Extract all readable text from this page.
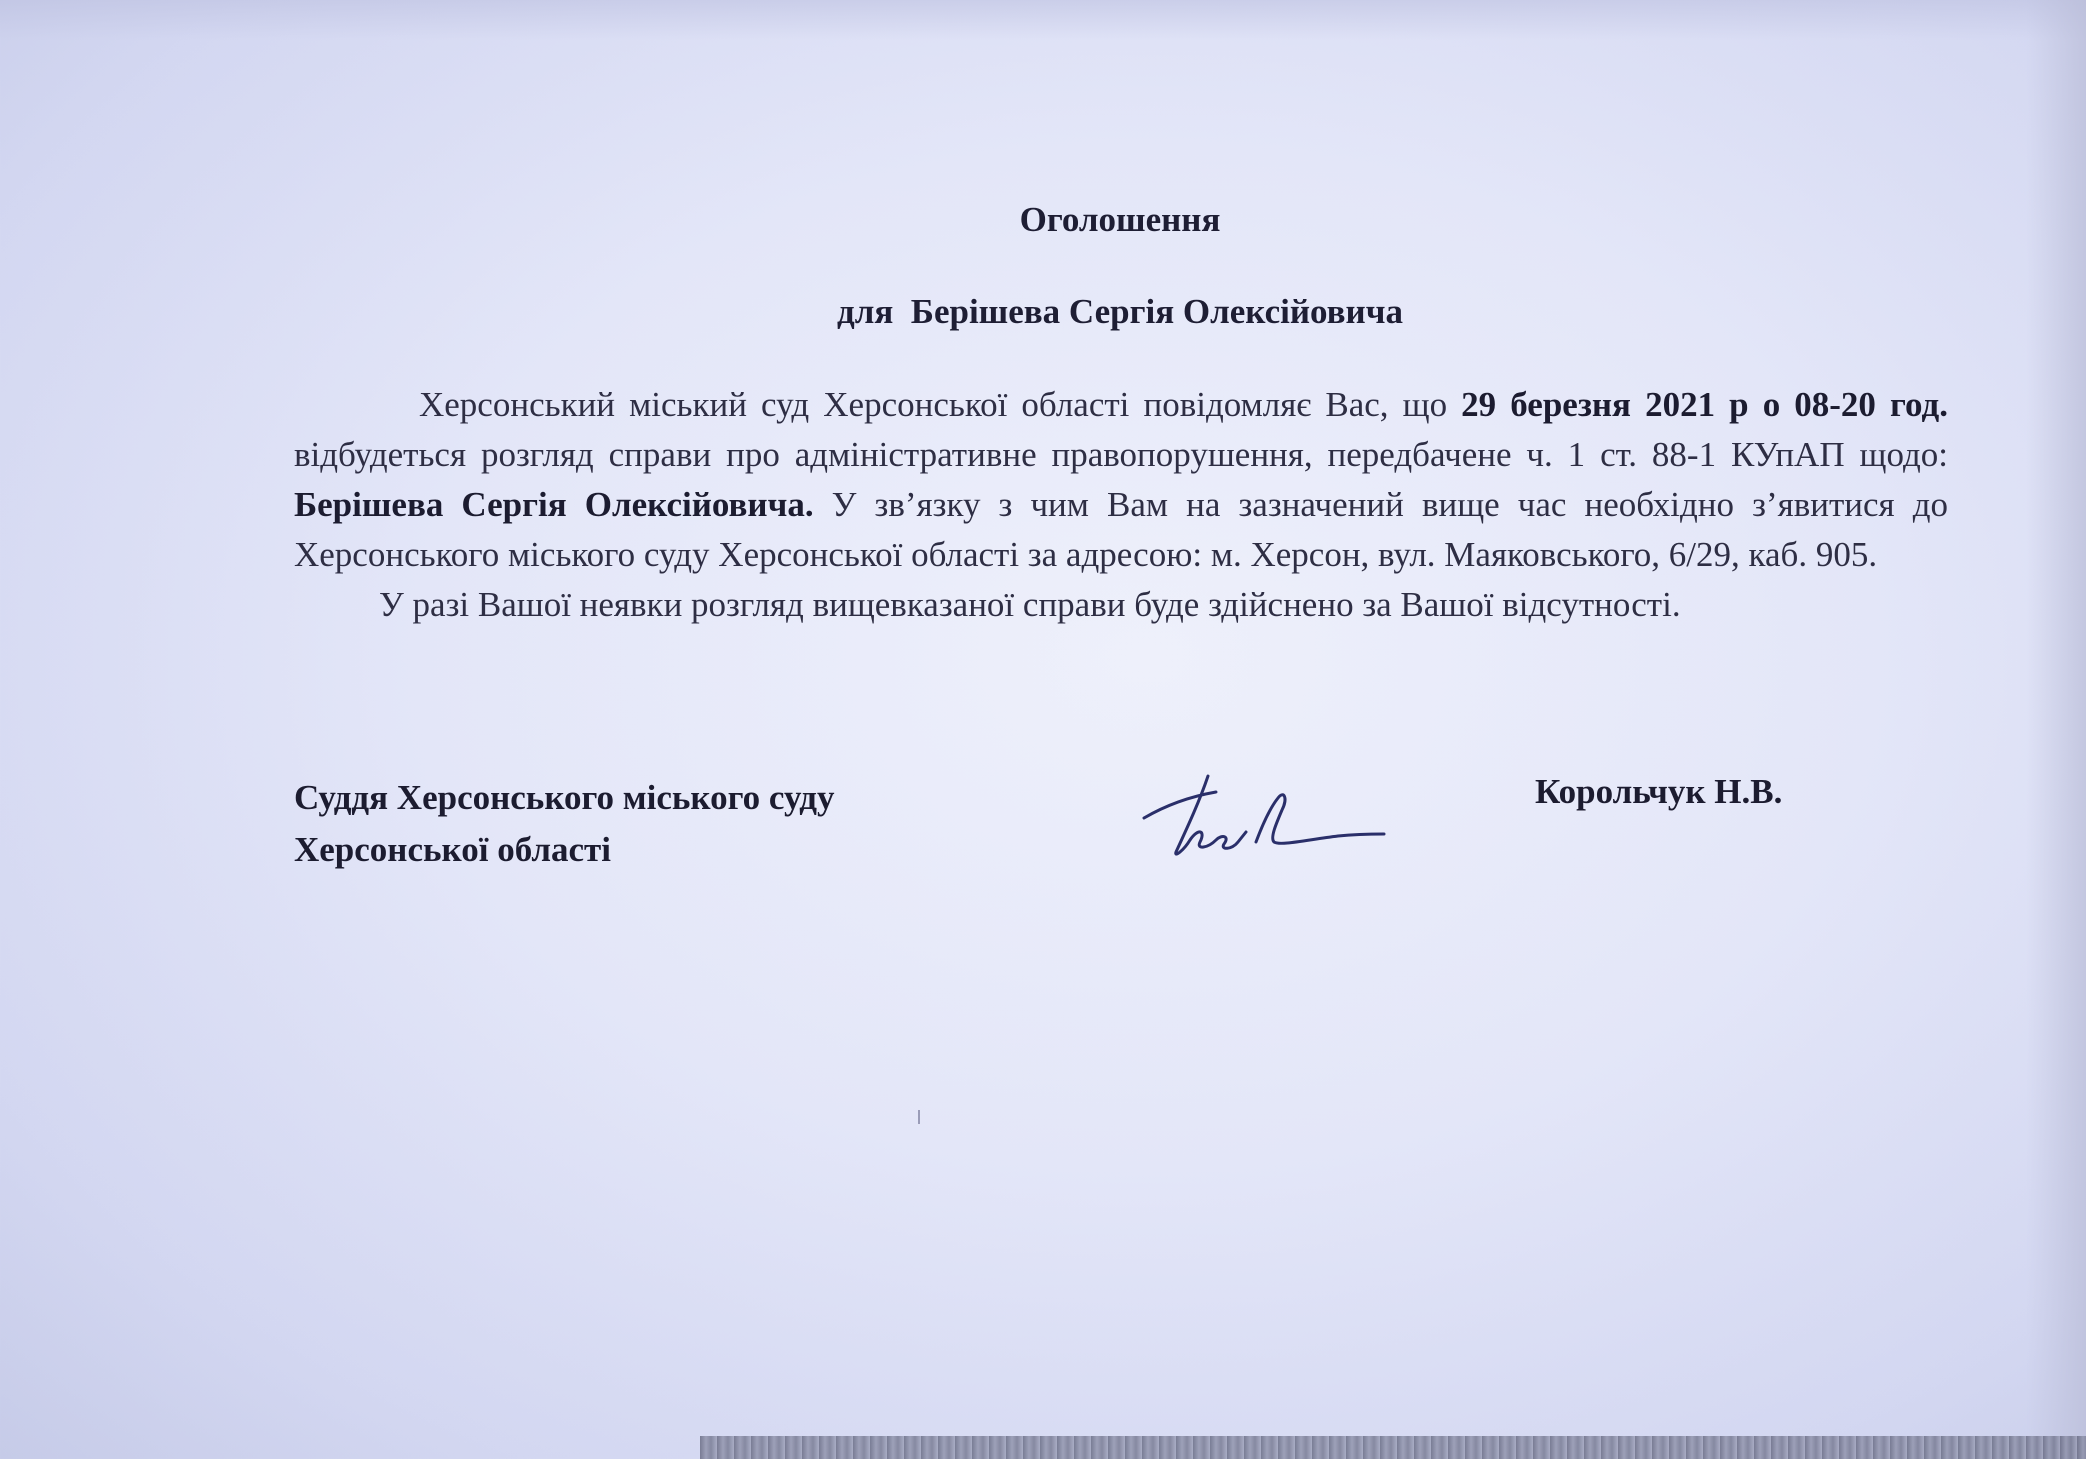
Оголошення
для  Берішева Сергія Олексійовича

Херсонський міський суд Херсонської області повідомляє Вас, що 29 березня 2021 р о 08-20 год. відбудеться розгляд справи про адміністративне правопорушення, передбачене ч. 1 ст. 88-1 КУпАП щодо: Берішева Сергія Олексійовича. У зв’язку з чим Вам на зазначений вище час необхідно з’явитися до Херсонського міського суду Херсонської області за адресою: м. Херсон, вул. Маяковського, 6/29, каб. 905.

У разі Вашої неявки розгляд вищевказаної справи буде здійснено за Вашої відсутності.

Суддя Херсонського міського суду
Херсонської області
Корольчук Н.В.
